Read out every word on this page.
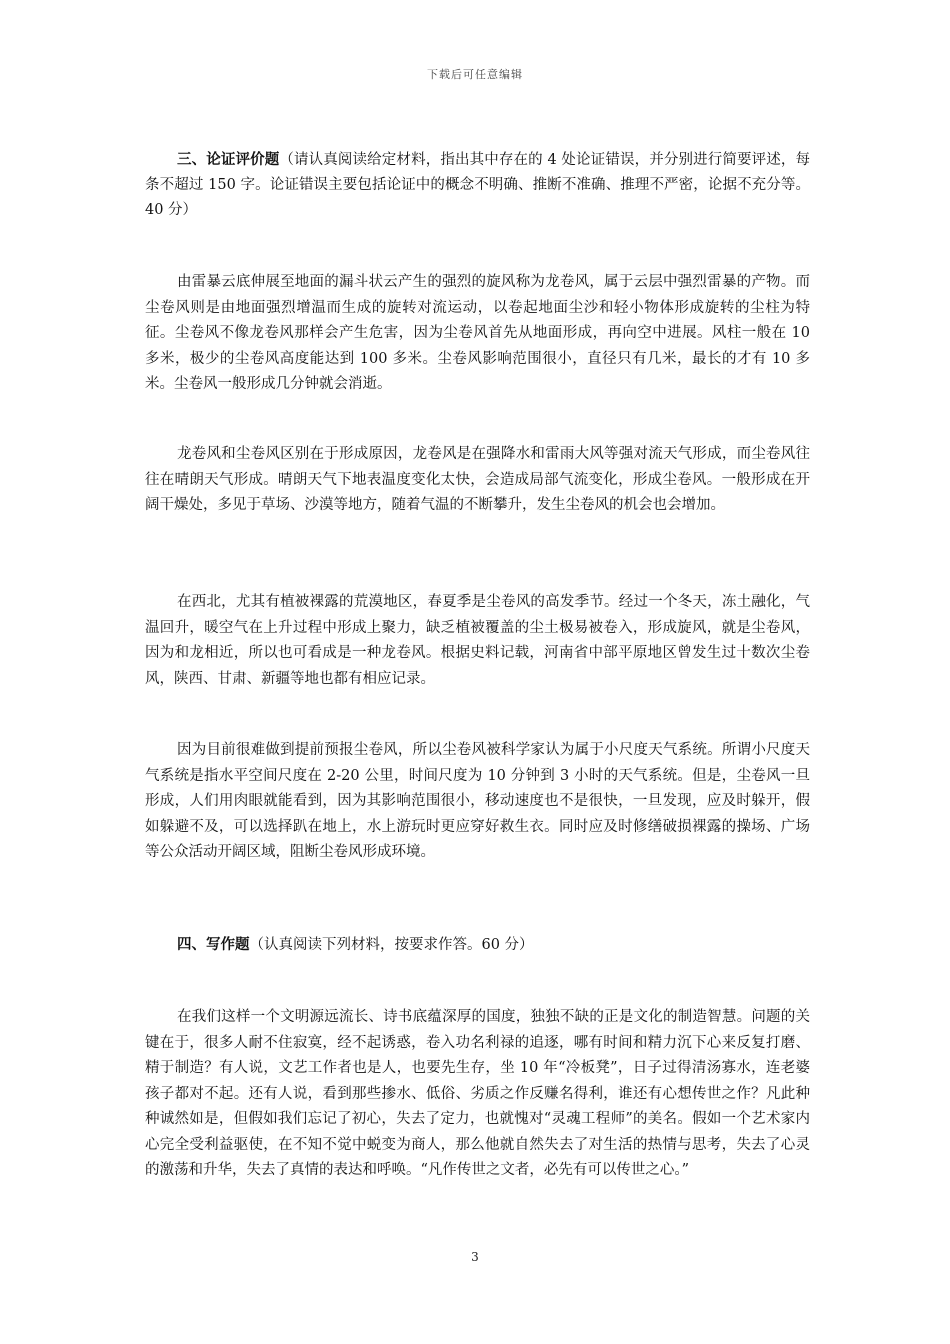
下载后可任意编辑
三、论证评价题（请认真阅读给定材料，指出其中存在的 4 处论证错误，并分别进行简要评述，每条不超过 150 字。论证错误主要包括论证中的概念不明确、推断不准确、推理不严密，论据不充分等。40 分）

由雷暴云底伸展至地面的漏斗状云产生的强烈的旋风称为龙卷风，属于云层中强烈雷暴的产物。而尘卷风则是由地面强烈增温而生成的旋转对流运动，以卷起地面尘沙和轻小物体形成旋转的尘柱为特征。尘卷风不像龙卷风那样会产生危害，因为尘卷风首先从地面形成，再向空中进展。风柱一般在 10 多米，极少的尘卷风高度能达到 100 多米。尘卷风影响范围很小，直径只有几米，最长的才有 10 多米。尘卷风一般形成几分钟就会消逝。

龙卷风和尘卷风区别在于形成原因，龙卷风是在强降水和雷雨大风等强对流天气形成，而尘卷风往往在晴朗天气形成。晴朗天气下地表温度变化太快，会造成局部气流变化，形成尘卷风。一般形成在开阔干燥处，多见于草场、沙漠等地方，随着气温的不断攀升，发生尘卷风的机会也会增加。

在西北，尤其有植被裸露的荒漠地区，春夏季是尘卷风的高发季节。经过一个冬天，冻土融化，气温回升，暖空气在上升过程中形成上聚力，缺乏植被覆盖的尘土极易被卷入，形成旋风，就是尘卷风，因为和龙相近，所以也可看成是一种龙卷风。根据史料记载，河南省中部平原地区曾发生过十数次尘卷风，陕西、甘肃、新疆等地也都有相应记录。

因为目前很难做到提前预报尘卷风，所以尘卷风被科学家认为属于小尺度天气系统。所谓小尺度天气系统是指水平空间尺度在 2-20 公里，时间尺度为 10 分钟到 3 小时的天气系统。但是，尘卷风一旦形成，人们用肉眼就能看到，因为其影响范围很小，移动速度也不是很快，一旦发现，应及时躲开，假如躲避不及，可以选择趴在地上，水上游玩时更应穿好救生衣。同时应及时修缮破损裸露的操场、广场等公众活动开阔区域，阻断尘卷风形成环境。

四、写作题（认真阅读下列材料，按要求作答。60 分）

在我们这样一个文明源远流长、诗书底蕴深厚的国度，独独不缺的正是文化的制造智慧。问题的关键在于，很多人耐不住寂寞，经不起诱惑，卷入功名利禄的追逐，哪有时间和精力沉下心来反复打磨、精于制造？有人说，文艺工作者也是人，也要先生存，坐 10 年“冷板凳”，日子过得清汤寡水，连老婆孩子都对不起。还有人说，看到那些掺水、低俗、劣质之作反赚名得利，谁还有心想传世之作？凡此种种诚然如是，但假如我们忘记了初心，失去了定力，也就愧对“灵魂工程师”的美名。假如一个艺术家内心完全受利益驱使，在不知不觉中蜕变为商人，那么他就自然失去了对生活的热情与思考，失去了心灵的激荡和升华，失去了真情的表达和呼唤。“凡作传世之文者，必先有可以传世之心。”

3
